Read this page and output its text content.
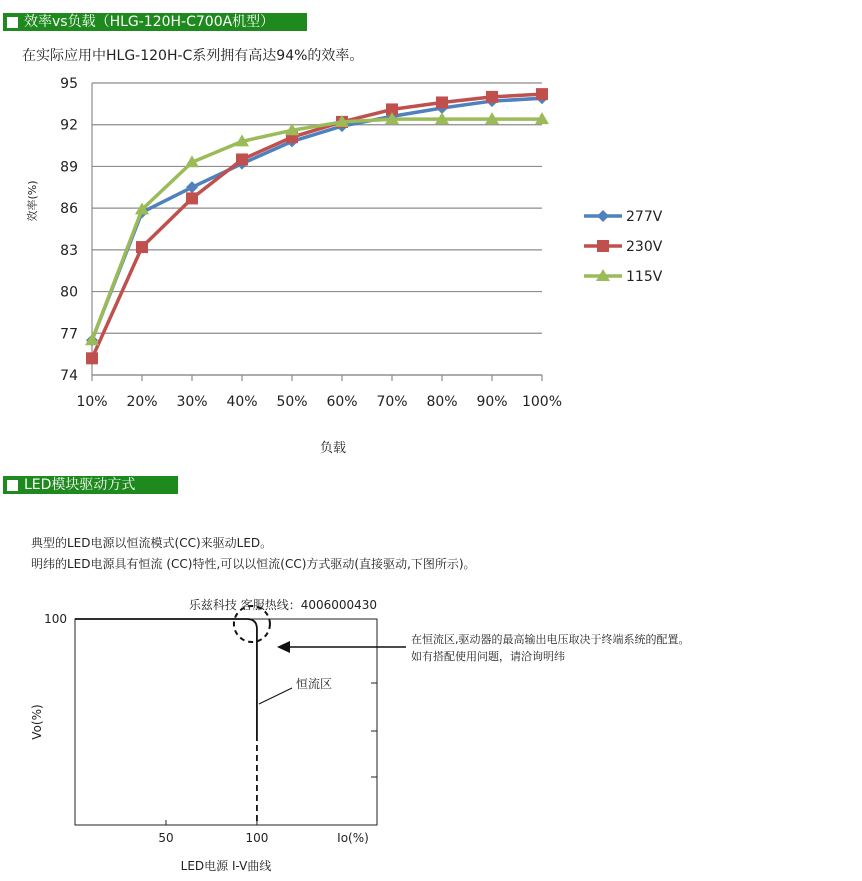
效率vs负载（HLG-120H-C700A机型）
在实际应用中HLG-120H-C系列拥有高达94%的效率。
74
77
80
83
86
89
92
95
10% 20% 30% 40% 50% 60% 70% 80% 90% 100%
负载
效率(%)	277V
230V
115V
LED模块驱动方式
典型的LED电源以恒流模式(CC)来驱动LED。
明纬的LED电源具有恒流 (CC)特性,可以以恒流(CC)方式驱动(直接驱动,下图所示)。
乐兹科技 客服热线：4006000430
50	100	Io(%)
100
Vo(%)
LED电源 I-V曲线
恒流区
在恒流区,驱动器的最高输出电压取决于终端系统的配置。
如有搭配使用问题，请洽询明纬
